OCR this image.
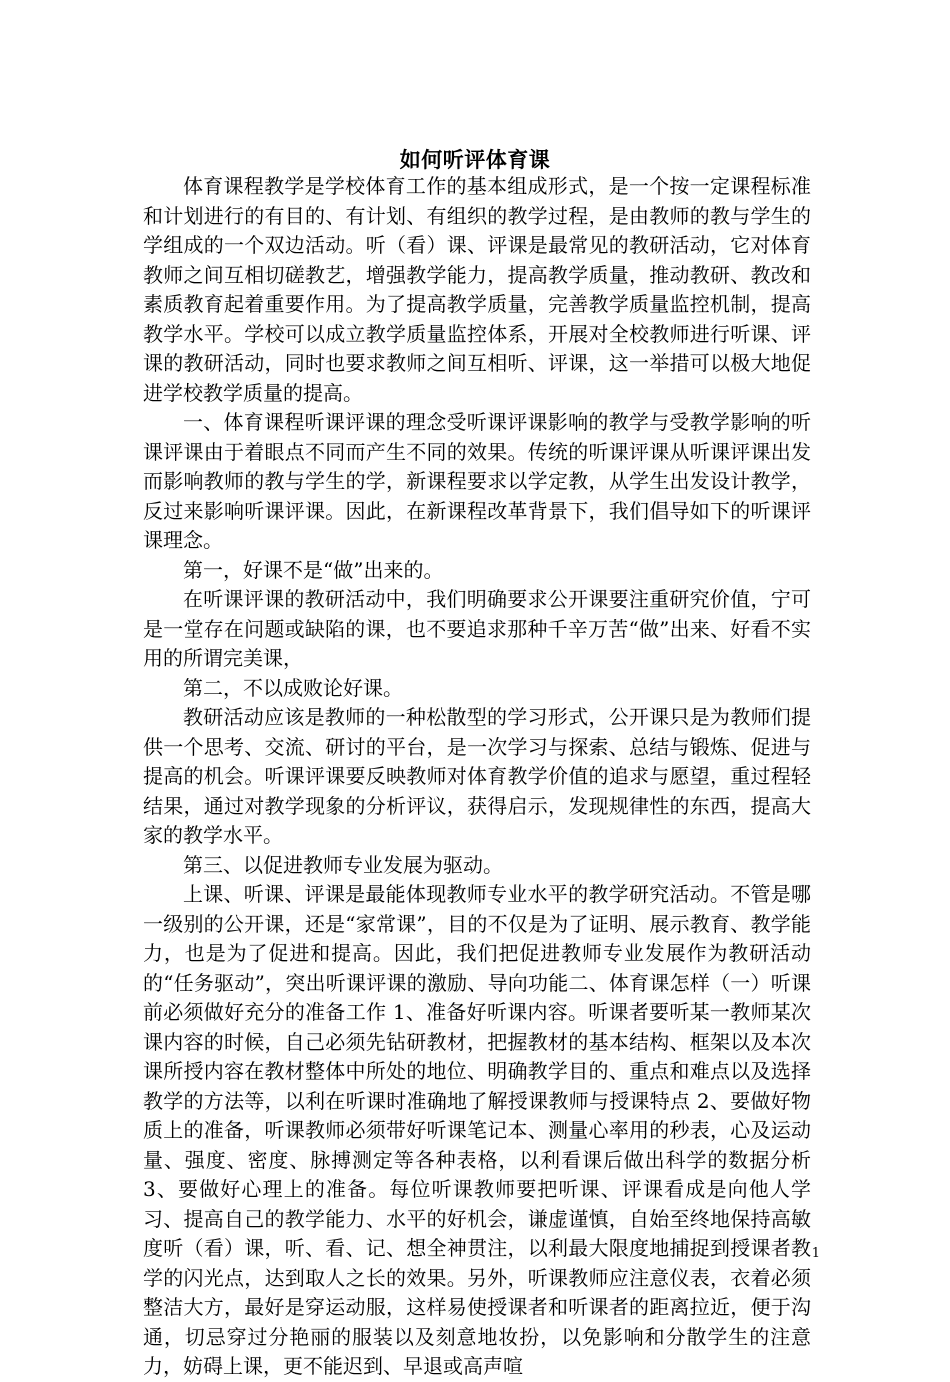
如何听评体育课

体育课程教学是学校体育工作的基本组成形式，是一个按一定课程标准和计划进行的有目的、有计划、有组织的教学过程，是由教师的教与学生的学组成的一个双边活动。听（看）课、评课是最常见的教研活动，它对体育教师之间互相切磋教艺，增强教学能力，提高教学质量，推动教研、教改和素质教育起着重要作用。为了提高教学质量，完善教学质量监控机制，提高教学水平。学校可以成立教学质量监控体系，开展对全校教师进行听课、评课的教研活动，同时也要求教师之间互相听、评课，这一举措可以极大地促进学校教学质量的提高。

一、体育课程听课评课的理念受听课评课影响的教学与受教学影响的听课评课由于着眼点不同而产生不同的效果。传统的听课评课从听课评课出发而影响教师的教与学生的学，新课程要求以学定教，从学生出发设计教学，反过来影响听课评课。因此，在新课程改革背景下，我们倡导如下的听课评课理念。

第一，好课不是“做”出来的。

在听课评课的教研活动中，我们明确要求公开课要注重研究价值，宁可是一堂存在问题或缺陷的课，也不要追求那种千辛万苦“做”出来、好看不实用的所谓完美课，

第二，不以成败论好课。

教研活动应该是教师的一种松散型的学习形式，公开课只是为教师们提供一个思考、交流、研讨的平台，是一次学习与探索、总结与锻炼、促进与提高的机会。听课评课要反映教师对体育教学价值的追求与愿望，重过程轻结果，通过对教学现象的分析评议，获得启示，发现规律性的东西，提高大家的教学水平。

第三、以促进教师专业发展为驱动。

上课、听课、评课是最能体现教师专业水平的教学研究活动。不管是哪一级别的公开课，还是“家常课”，目的不仅是为了证明、展示教育、教学能力，也是为了促进和提高。因此，我们把促进教师专业发展作为教研活动的“任务驱动”，突出听课评课的激励、导向功能二、体育课怎样（一）听课前必须做好充分的准备工作 1、准备好听课内容。听课者要听某一教师某次课内容的时候，自己必须先钻研教材，把握教材的基本结构、框架以及本次课所授内容在教材整体中所处的地位、明确教学目的、重点和难点以及选择教学的方法等，以利在听课时准确地了解授课教师与授课特点 2、要做好物质上的准备，听课教师必须带好听课笔记本、测量心率用的秒表，心及运动量、强度、密度、脉搏测定等各种表格，以利看课后做出科学的数据分析 3、要做好心理上的准备。每位听课教师要把听课、评课看成是向他人学习、提高自己的教学能力、水平的好机会，谦虚谨慎，自始至终地保持高敏度听（看）课，听、看、记、想全神贯注，以利最大限度地捕捉到授课者教学的闪光点，达到取人之长的效果。另外，听课教师应注意仪表，衣着必须整洁大方，最好是穿运动服，这样易使授课者和听课者的距离拉近，便于沟通，切忌穿过分艳丽的服装以及刻意地妆扮，以免影响和分散学生的注意力，妨碍上课，更不能迟到、早退或高声喧

1
